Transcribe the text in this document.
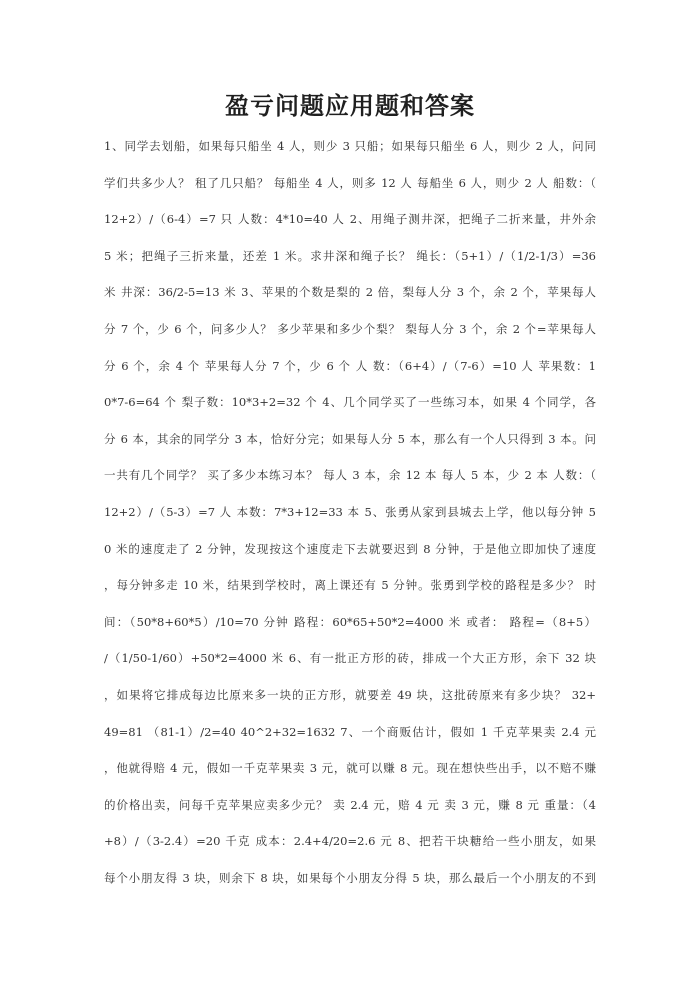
盈亏问题应用题和答案
1、同学去划船，如果每只船坐 4 人，则少 3 只船；如果每只船坐 6 人，则少 2 人，问同
学们共多少人？ 租了几只船？ 每船坐 4 人，则多 12 人 每船坐 6 人，则少 2 人 船数：（
12+2）/（6-4）=7 只 人数：4*10=40 人 2、用绳子测井深，把绳子二折来量，井外余
5 米；把绳子三折来量，还差 1 米。求井深和绳子长？ 绳长：（5+1）/（1/2-1/3）=36
米 井深：36/2-5=13 米 3、苹果的个数是梨的 2 倍，梨每人分 3 个，余 2 个，苹果每人
分 7 个，少 6 个，问多少人？ 多少苹果和多少个梨？ 梨每人分 3 个，余 2 个=苹果每人
分 6 个，余 4 个 苹果每人分 7 个，少 6 个 人 数：（6+4）/（7-6）=10 人 苹果数：1
0*7-6=64 个 梨子数：10*3+2=32 个 4、几个同学买了一些练习本，如果 4 个同学，各
分 6 本，其余的同学分 3 本，恰好分完；如果每人分 5 本，那么有一个人只得到 3 本。问
一共有几个同学？ 买了多少本练习本？ 每人 3 本，余 12 本 每人 5 本，少 2 本 人数：（
12+2）/（5-3）=7 人 本数：7*3+12=33 本 5、张勇从家到县城去上学，他以每分钟 5
0 米的速度走了 2 分钟，发现按这个速度走下去就要迟到 8 分钟，于是他立即加快了速度
，每分钟多走 10 米，结果到学校时，离上课还有 5 分钟。张勇到学校的路程是多少？ 时
间：（50*8+60*5）/10=70 分钟 路程：60*65+50*2=4000 米 或者： 路程=（8+5）
/（1/50-1/60）+50*2=4000 米 6、有一批正方形的砖，排成一个大正方形，余下 32 块
，如果将它排成每边比原来多一块的正方形，就要差 49 块，这批砖原来有多少块？ 32+
49=81 （81-1）/2=40 40^2+32=1632 7、一个商贩估计，假如 1 千克苹果卖 2.4 元
，他就得赔 4 元，假如一千克苹果卖 3 元，就可以赚 8 元。现在想快些出手，以不赔不赚
的价格出卖，问每千克苹果应卖多少元？ 卖 2.4 元，赔 4 元 卖 3 元，赚 8 元 重量：（4
+8）/（3-2.4）=20 千克 成本：2.4+4/20=2.6 元 8、把若干块糖给一些小朋友，如果
每个小朋友得 3 块，则余下 8 块，如果每个小朋友分得 5 块，那么最后一个小朋友的不到
